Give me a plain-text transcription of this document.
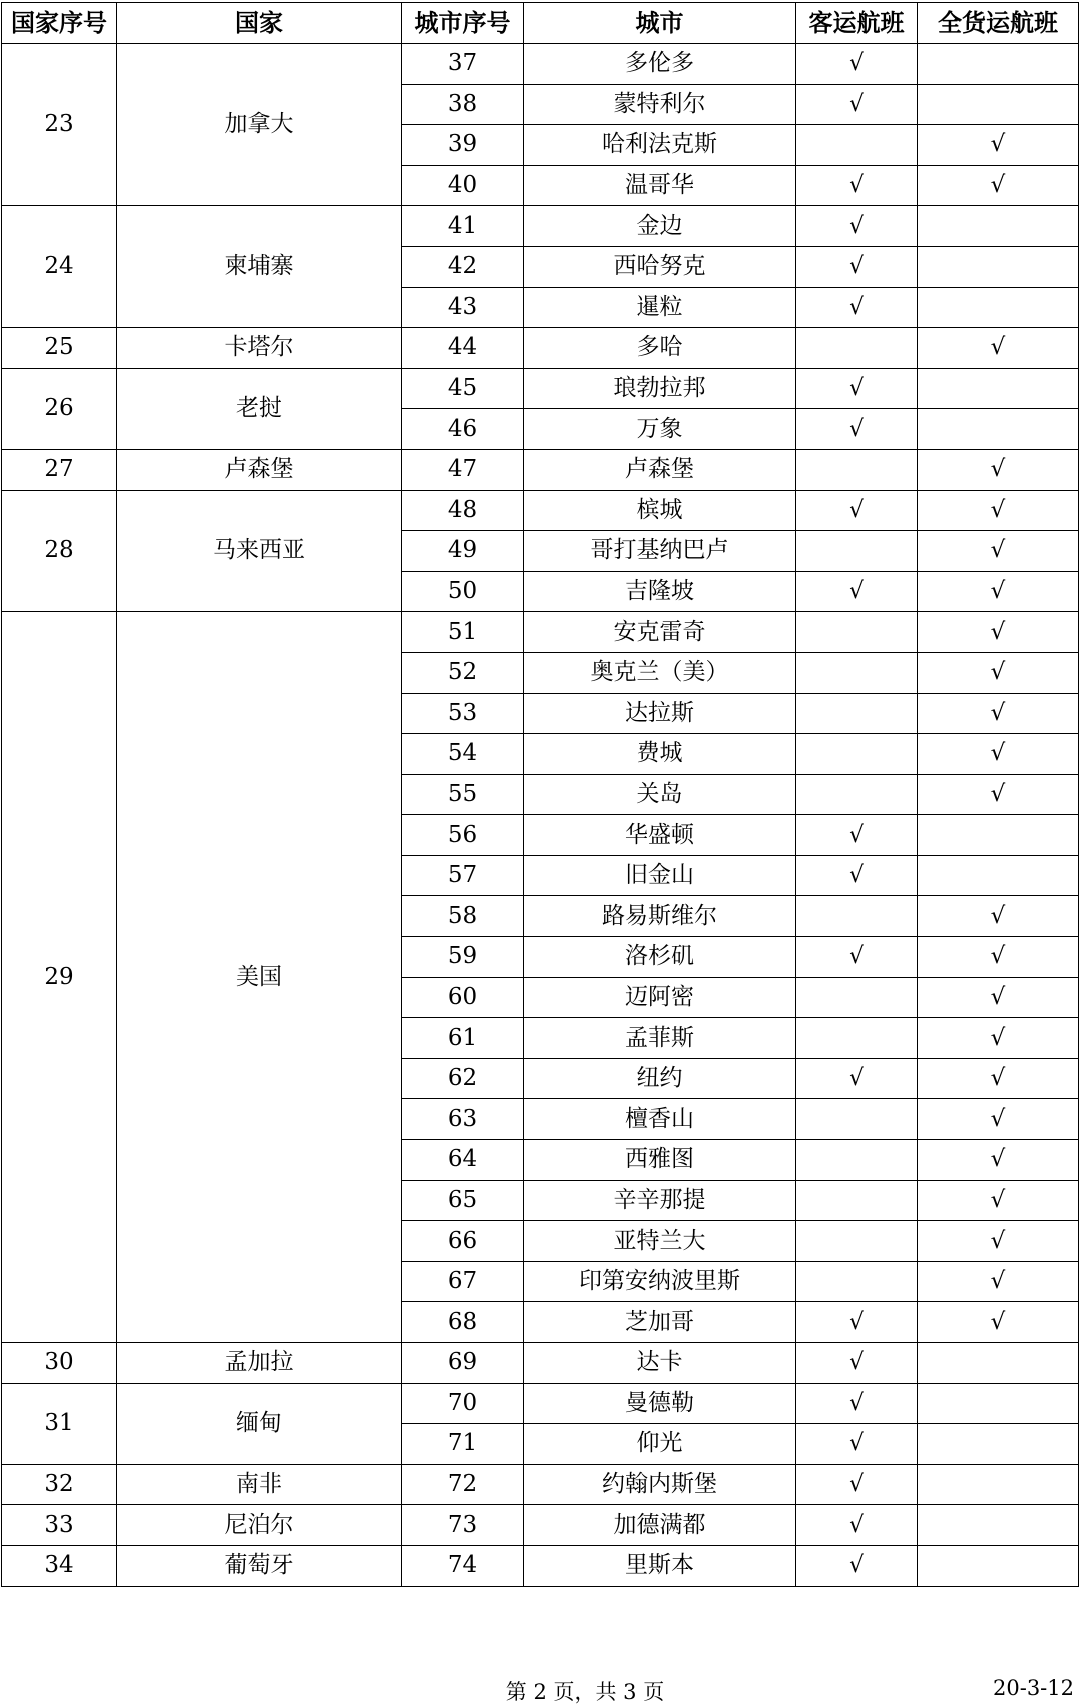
国家序号	国家	城市序号	城市	客运航班	全货运航班
23	加拿大	37	多伦多	√	
		38	蒙特利尔	√	
		39	哈利法克斯		√
		40	温哥华	√	√
24	柬埔寨	41	金边	√	
		42	西哈努克	√	
		43	暹粒	√	
25	卡塔尔	44	多哈		√
26	老挝	45	琅勃拉邦	√	
		46	万象	√	
27	卢森堡	47	卢森堡		√
28	马来西亚	48	槟城	√	√
		49	哥打基纳巴卢		√
		50	吉隆坡	√	√
29	美国	51	安克雷奇		√
		52	奥克兰（美）		√
		53	达拉斯		√
		54	费城		√
		55	关岛		√
		56	华盛顿	√	
		57	旧金山	√	
		58	路易斯维尔		√
		59	洛杉矶	√	√
		60	迈阿密		√
		61	孟菲斯		√
		62	纽约	√	√
		63	檀香山		√
		64	西雅图		√
		65	辛辛那提		√
		66	亚特兰大		√
		67	印第安纳波里斯		√
		68	芝加哥	√	√
30	孟加拉	69	达卡	√	
31	缅甸	70	曼德勒	√	
		71	仰光	√	
32	南非	72	约翰内斯堡	√	
33	尼泊尔	73	加德满都	√	
34	葡萄牙	74	里斯本	√	
第 2 页，共 3 页	20-3-12
